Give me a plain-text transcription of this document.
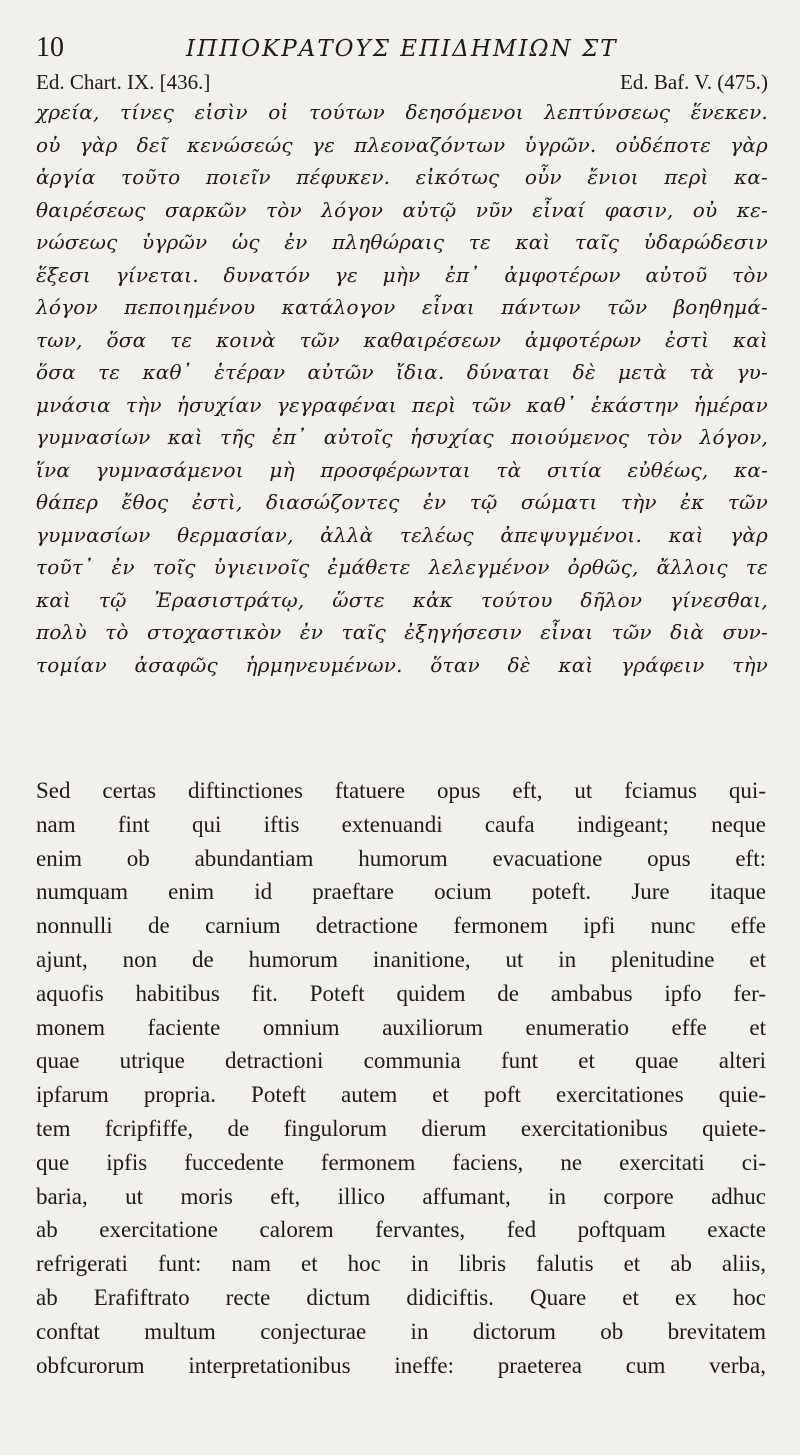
10	ΙΠΠΟΚΡΑΤΟΥΣ ΕΠΙΔΗΜΙΩΝ ΣΤ
Ed. Chart. IX. [436.]	Ed. Baf. V. (475.)
χρεία, τίνες εἰσὶν οἱ τούτων δεησόμενοι λεπτύνσεως ἕνεκεν.
οὐ γὰρ δεῖ κενώσεώς γε πλεοναζόντων ὑγρῶν. οὐδέποτε γὰρ
ἀργία τοῦτο ποιεῖν πέφυκεν. εἰκότως οὖν ἔνιοι περὶ κα-
θαιρέσεως σαρκῶν τὸν λόγον αὐτῷ νῦν εἶναί φασιν, οὐ κε-
νώσεως ὑγρῶν ὡς ἐν πληθώραις τε καὶ ταῖς ὑδαρώδεσιν
ἕξεσι γίνεται. δυνατόν γε μὴν ἐπ᾽ ἀμφοτέρων αὐτοῦ τὸν
λόγον πεποιημένου κατάλογον εἶναι πάντων τῶν βοηθημά-
των, ὅσα τε κοινὰ τῶν καθαιρέσεων ἀμφοτέρων ἐστὶ καὶ
ὅσα τε καθ᾽ ἑτέραν αὐτῶν ἴδια. δύναται δὲ μετὰ τὰ γυ-
μνάσια τὴν ἡσυχίαν γεγραφέναι περὶ τῶν καθ᾽ ἑκάστην ἡμέραν
γυμνασίων καὶ τῆς ἐπ᾽ αὐτοῖς ἡσυχίας ποιούμενος τὸν λόγον,
ἵνα γυμνασάμενοι μὴ προσφέρωνται τὰ σιτία εὐθέως, κα-
θάπερ ἔθος ἐστὶ, διασώζοντες ἐν τῷ σώματι τὴν ἐκ τῶν
γυμνασίων θερμασίαν, ἀλλὰ τελέως ἀπεψυγμένοι. καὶ γὰρ
τοῦτ᾽ ἐν τοῖς ὑγιεινοῖς ἐμάθετε λελεγμένον ὀρθῶς, ἄλλοις τε
καὶ τῷ Ἐρασιστράτῳ, ὥστε κἀκ τούτου δῆλον γίνεσθαι,
πολὺ τὸ στοχαστικὸν ἐν ταῖς ἐξηγήσεσιν εἶναι τῶν διὰ συν-
τομίαν ἀσαφῶς ἡρμηνευμένων. ὅταν δὲ καὶ γράφειν τὴν
Sed certas diftinctiones ftatuere opus eft, ut fciamus qui-
nam fint qui iftis extenuandi caufa indigeant; neque
enim ob abundantiam humorum evacuatione opus eft:
numquam enim id praeftare ocium poteft. Jure itaque
nonnulli de carnium detractione fermonem ipfi nunc effe
ajunt, non de humorum inanitione, ut in plenitudine et
aquofis habitibus fit. Poteft quidem de ambabus ipfo fer-
monem faciente omnium auxiliorum enumeratio effe et
quae utrique detractioni communia funt et quae alteri
ipfarum propria. Poteft autem et poft exercitationes quie-
tem fcripfiffe, de fingulorum dierum exercitationibus quiete-
que ipfis fuccedente fermonem faciens, ne exercitati ci-
baria, ut moris eft, illico affumant, in corpore adhuc
ab exercitatione calorem fervantes, fed poftquam exacte
refrigerati funt: nam et hoc in libris falutis et ab aliis,
ab Erafiftrato recte dictum didiciftis. Quare et ex hoc
conftat multum conjecturae in dictorum ob brevitatem
obfcurorum interpretationibus ineffe: praeterea cum verba,
